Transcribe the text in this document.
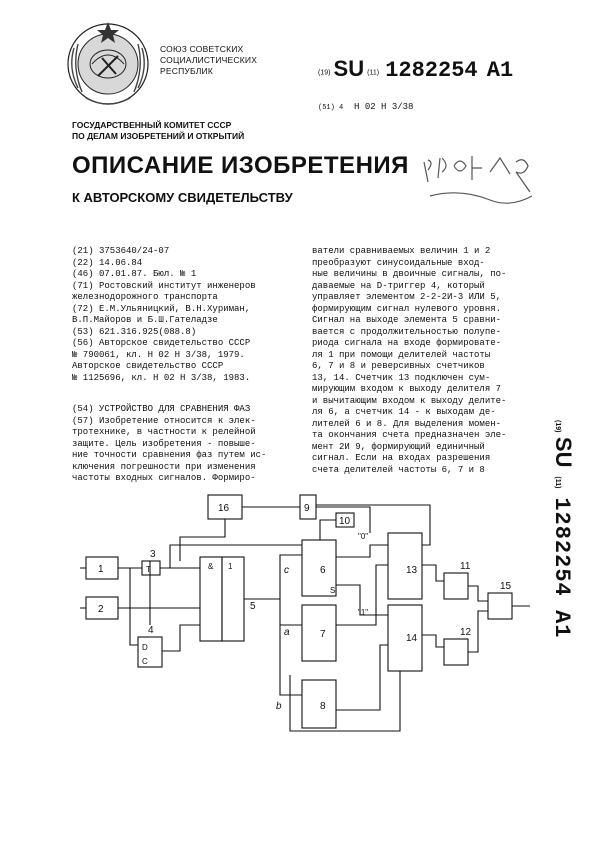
СОЮЗ СОВЕТСКИХ
СОЦИАЛИСТИЧЕСКИХ
РЕСПУБЛИК	(19) SU (11) 1282254 A1
(51) 4 H 02 H 3/38
ГОСУДАРСТВЕННЫЙ КОМИТЕТ СССР
ПО ДЕЛАМ ИЗОБРЕТЕНИЙ И ОТКРЫТИЙ
ОПИСАНИЕ ИЗОБРЕТЕНИЯ
К АВТОРСКОМУ СВИДЕТЕЛЬСТВУ
(21) 3753640/24-07
(22) 14.06.84
(46) 07.01.87. Бюл. № 1
(71) Ростовский институт инженеров
железнодорожного транспорта
(72) Е.М.Ульяницкий, В.Н.Хуриман,
В.П.Майоров и Б.Ш.Гателадзе
(53) 621.316.925(088.8)
(56) Авторское свидетельство СССР
№ 790061, кл. H 02 H 3/38, 1979.
Авторское свидетельство СССР
№ 1125696, кл. H 02 H 3/38, 1983.
(54) УСТРОЙСТВО ДЛЯ СРАВНЕНИЯ ФАЗ
(57) Изобретение относится к элек-
тротехнике, в частности к релейной
защите. Цель изобретения - повыше-
ние точности сравнения фаз путем ис-
ключения погрешности при изменения
частоты входных сигналов. Формиро-
ватели сравниваемых величин 1 и 2
преобразуют синусоидальные вход-
ные величины в двоичные сигналы, по-
даваемые на D-триггер 4, который
управляет элементом 2-2-2И-3 ИЛИ 5,
формирующим сигнал нулевого уровня.
Сигнал на выходе элемента 5 сравни-
вается с продолжительностью полупе-
риода сигнала на входе формировате-
ля 1 при помощи делителей частоты
6, 7 и 8 и реверсивных счетчиков
13, 14. Счетчик 13 подключен сум-
мирующим входом к выходу делителя 7
и вычитающим входом к выходу делите-
ля 6, а счетчик 14 - к выходам де-
лителей 6 и 8. Для выделения момен-
та окончания счета предназначен эле-
мент 2И 9, формирующий единичный
сигнал. Если на входах разрешения
счета делителей частоты 6, 7 и 8
(19) SU  (11)  1282254   A1
1
2
3
4
5
6
7
8
9
10
11
12
13
14
15
16
c
a
b
D
C
&
S
T	1
"0"
"1"
